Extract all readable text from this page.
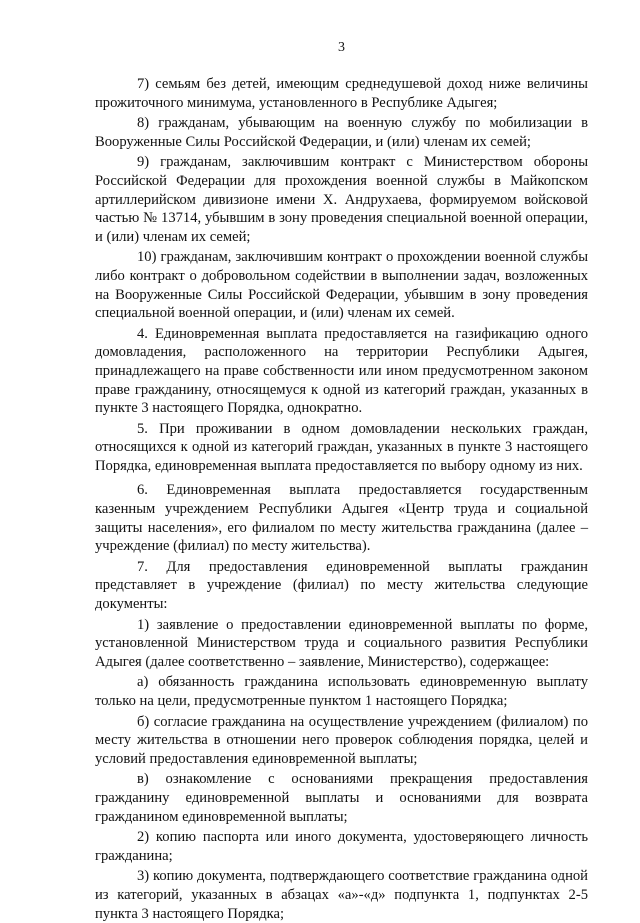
3

7) семьям без детей, имеющим среднедушевой доход ниже величины прожиточного минимума, установленного в Республике Адыгея;

8) гражданам, убывающим на военную службу по мобилизации в Вооруженные Силы Российской Федерации, и (или) членам их семей;

9) гражданам, заключившим контракт с Министерством обороны Российской Федерации для прохождения военной службы в Майкопском артиллерийском дивизионе имени Х. Андрухаева, формируемом войсковой частью № 13714, убывшим в зону проведения специальной военной операции, и (или) членам их семей;

10) гражданам, заключившим контракт о прохождении военной службы либо контракт о добровольном содействии в выполнении задач, возложенных на Вооруженные Силы Российской Федерации, убывшим в зону проведения специальной военной операции, и (или) членам их семей.

4. Единовременная выплата предоставляется на газификацию одного домовладения, расположенного на территории Республики Адыгея, принадлежащего на праве собственности или ином предусмотренном законом праве гражданину, относящемуся к одной из категорий граждан, указанных в пункте 3 настоящего Порядка, однократно.

5. При проживании в одном домовладении нескольких граждан, относящихся к одной из категорий граждан, указанных в пункте 3 настоящего Порядка, единовременная выплата предоставляется по выбору одному из них.

6. Единовременная выплата предоставляется государственным казенным учреждением Республики Адыгея «Центр труда и социальной защиты населения», его филиалом по месту жительства гражданина (далее – учреждение (филиал) по месту жительства).

7. Для предоставления единовременной выплаты гражданин представляет в учреждение (филиал) по месту жительства следующие документы:

1) заявление о предоставлении единовременной выплаты по форме, установленной Министерством труда и социального развития Республики Адыгея (далее соответственно – заявление, Министерство), содержащее:

а) обязанность гражданина использовать единовременную выплату только на цели, предусмотренные пунктом 1 настоящего Порядка;

б) согласие гражданина на осуществление учреждением (филиалом) по месту жительства в отношении него проверок соблюдения порядка, целей и условий предоставления единовременной выплаты;

в) ознакомление с основаниями прекращения предоставления гражданину единовременной выплаты и основаниями для возврата гражданином единовременной выплаты;

2) копию паспорта или иного документа, удостоверяющего личность гражданина;

3) копию документа, подтверждающего соответствие гражданина одной из категорий, указанных в абзацах «а»-«д» подпункта 1, подпунктах 2-5 пункта 3 настоящего Порядка;
